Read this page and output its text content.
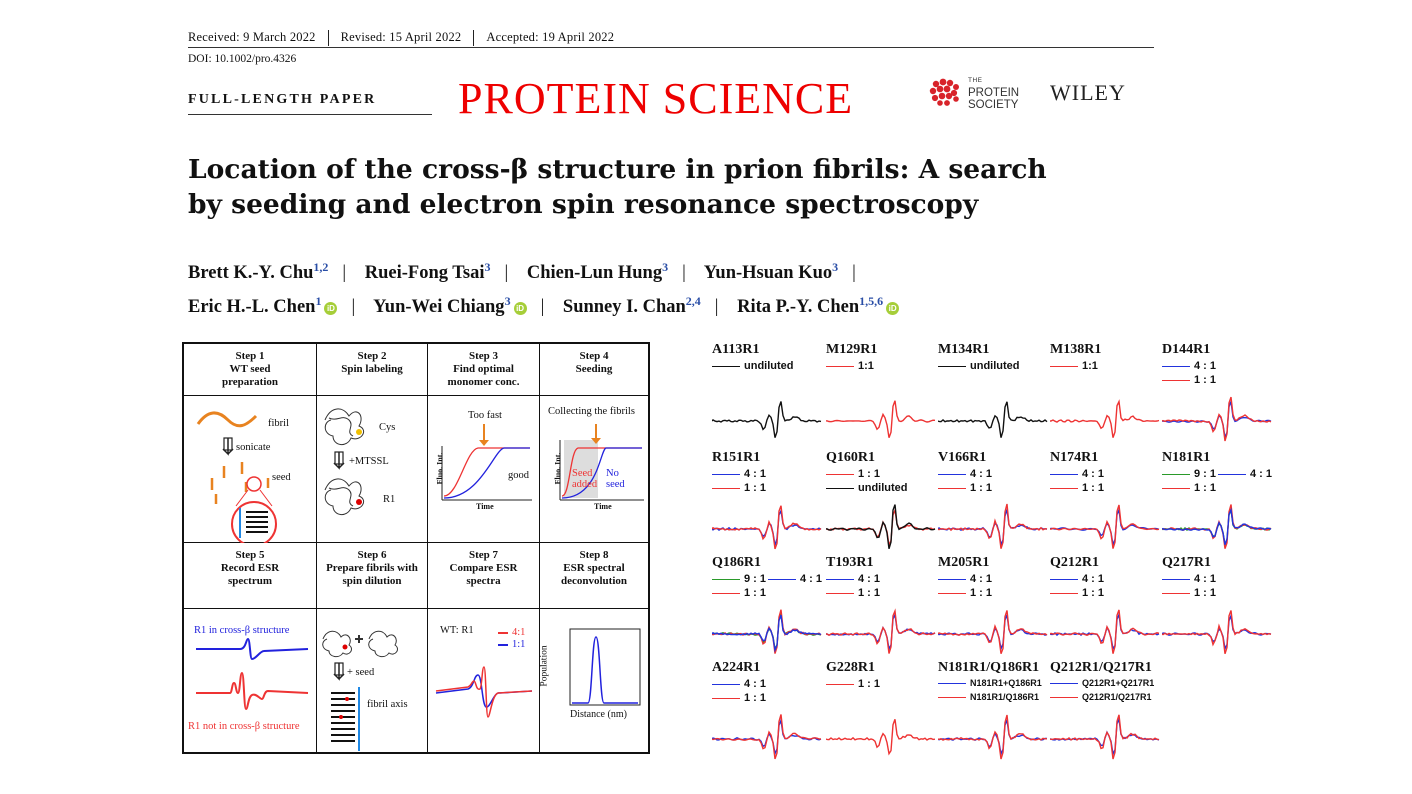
Received: 9 March 2022 Revised: 15 April 2022 Accepted: 19 April 2022
DOI: 10.1002/pro.4326
FULL-LENGTH PAPER PROTEIN SCIENCE	THE
PROTEIN
SOCIETY WILEY
Location of the cross-β structure in prion fibrils: A search
by seeding and electron spin resonance spectroscopy
Brett K.-Y. Chu$^{1,2}$ | Ruei-Fong Tsai$^3$ | Chien-Lun Hung$^3$ | Yun-Hsuan Kuo$^3$ |
Eric H.-L. Chen$^1$ iD | Yun-Wei Chiang$^3$ iD | Sunney I. Chan$^{2,4}$ | Rita P.-Y. Chen$^{1,5,6}$ iD
Step 1
WT seed
preparation
Step 2
Spin labeling
Step 3
Find optimal
monomer conc.
Step 4
Seeding
fibril
sonicate
seed
Cys
+MTSSL
R1
Too fast
good
Fluo. Int.
Time
Collecting the fibrils
Seed
added
No
seed
Fluo. Int.
Time
Step 5
Record ESR
spectrum
Step 6
Prepare fibrils with
spin dilution
Step 7
Compare ESR
spectra
Step 8
ESR spectral
deconvolution
R1 in cross-β structure
R1 not in cross-β structure
+ seed
fibril axis
WT: R1	4:1
1:1
Population
Distance (nm)
A113R1
undiluted
M129R1
1:1
M134R1
undiluted
M138R1
1:1
D144R1
4 : 1
1 : 1
R151R1
4 : 1
1 : 1
Q160R1
1 : 1
undiluted
V166R1
4 : 1
1 : 1
N174R1
4 : 1
1 : 1
N181R1
9 : 1
1 : 1
4 : 1
Q186R1
9 : 1
1 : 1
4 : 1
T193R1
4 : 1
1 : 1
M205R1
4 : 1
1 : 1
Q212R1
4 : 1
1 : 1
Q217R1
4 : 1
1 : 1
A224R1
4 : 1
1 : 1
G228R1
1 : 1
N181R1/Q186R1
N181R1+Q186R1
N181R1/Q186R1
Q212R1/Q217R1
Q212R1+Q217R1
Q212R1/Q217R1
